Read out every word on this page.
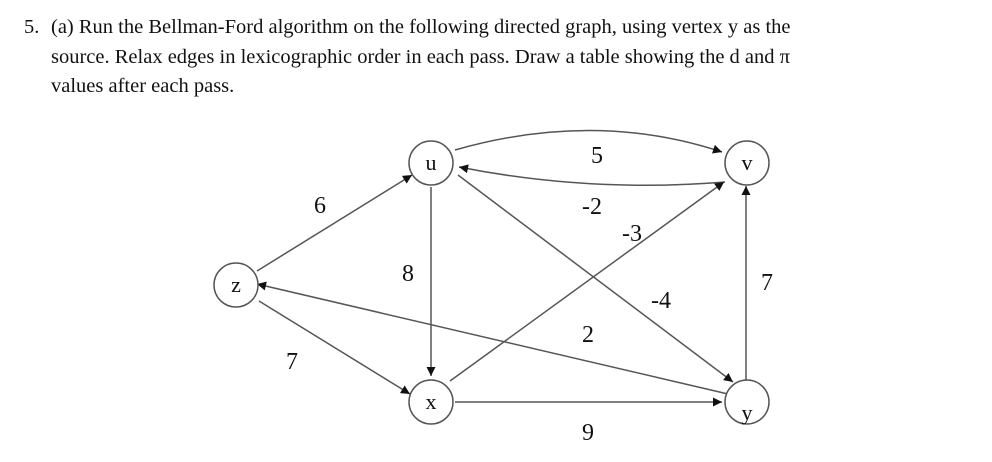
5. (a) Run the Bellman-Ford algorithm on the following directed graph, using vertex y as the
source. Relax edges in lexicographic order in each pass. Draw a table showing the d and π
values after each pass.
5
-2
-3
-4
6
8
7
2
9
7
u	v
z
x	y
